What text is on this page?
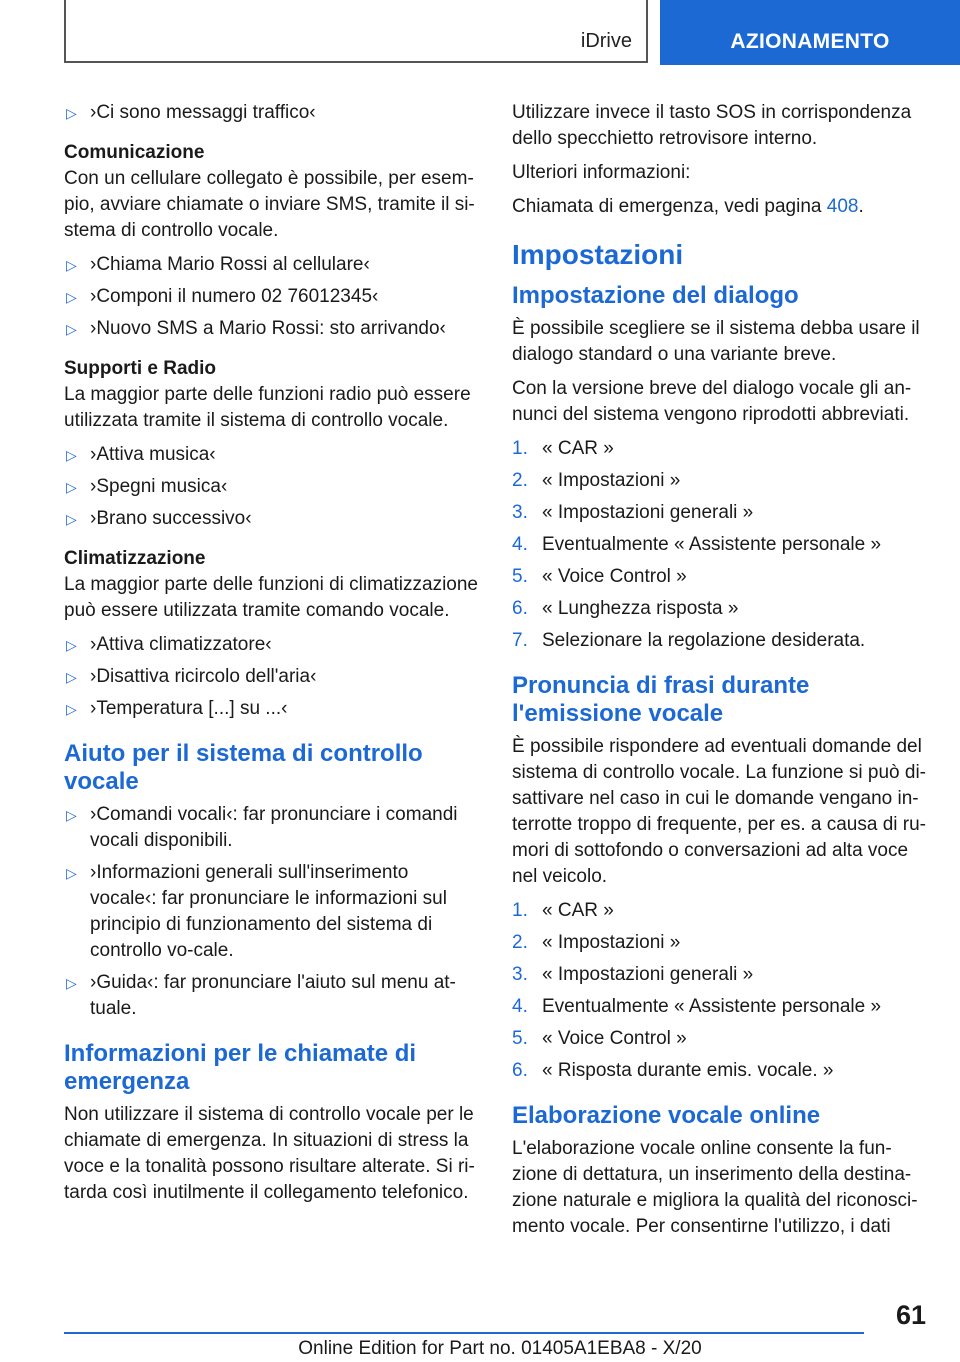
iDrive	AZIONAMENTO
▷ ›Ci sono messaggi traffico‹
Comunicazione

Con un cellulare collegato è possibile, per esem-pio, avviare chiamate o inviare SMS, tramite il si-stema di controllo vocale.

▷ ›Chiama Mario Rossi al cellulare‹
▷ ›Componi il numero 02 76012345‹
▷ ›Nuovo SMS a Mario Rossi: sto arrivando‹
Supporti e Radio

La maggior parte delle funzioni radio può essere utilizzata tramite il sistema di controllo vocale.

▷ ›Attiva musica‹
▷ ›Spegni musica‹
▷ ›Brano successivo‹
Climatizzazione

La maggior parte delle funzioni di climatizzazione può essere utilizzata tramite comando vocale.

▷ ›Attiva climatizzatore‹
▷ ›Disattiva ricircolo dell'aria‹
▷ ›Temperatura [...] su ...‹
Aiuto per il sistema di controllo vocale
▷ ›Comandi vocali‹: far pronunciare i comandi vocali disponibili.
▷ ›Informazioni generali sull'inserimento vocale‹: far pronunciare le informazioni sul principio di funzionamento del sistema di controllo vo-cale.
▷ ›Guida‹: far pronunciare l'aiuto sul menu at-tuale.
Informazioni per le chiamate di emergenza

Non utilizzare il sistema di controllo vocale per le chiamate di emergenza. In situazioni di stress la voce e la tonalità possono risultare alterate. Si ri-tarda così inutilmente il collegamento telefonico.

Utilizzare invece il tasto SOS in corrispondenza dello specchietto retrovisore interno.

Ulteriori informazioni:

Chiamata di emergenza, vedi pagina 408.

Impostazioni
Impostazione del dialogo

È possibile scegliere se il sistema debba usare il dialogo standard o una variante breve.

Con la versione breve del dialogo vocale gli an-nunci del sistema vengono riprodotti abbreviati.

1. « CAR »
2. « Impostazioni »
3. « Impostazioni generali »
4. Eventualmente « Assistente personale »
5. « Voice Control »
6. « Lunghezza risposta »
7. Selezionare la regolazione desiderata.
Pronuncia di frasi durante l'emissione vocale

È possibile rispondere ad eventuali domande del sistema di controllo vocale. La funzione si può di-sattivare nel caso in cui le domande vengano in-terrotte troppo di frequente, per es. a causa di ru-mori di sottofondo o conversazioni ad alta voce nel veicolo.

1. « CAR »
2. « Impostazioni »
3. « Impostazioni generali »
4. Eventualmente « Assistente personale »
5. « Voice Control »
6. « Risposta durante emis. vocale. »
Elaborazione vocale online

L'elaborazione vocale online consente la fun-zione di dettatura, un inserimento della destina-zione naturale e migliora la qualità del riconosci-mento vocale. Per consentirne l'utilizzo, i dati

61
Online Edition for Part no. 01405A1EBA8 - X/20
